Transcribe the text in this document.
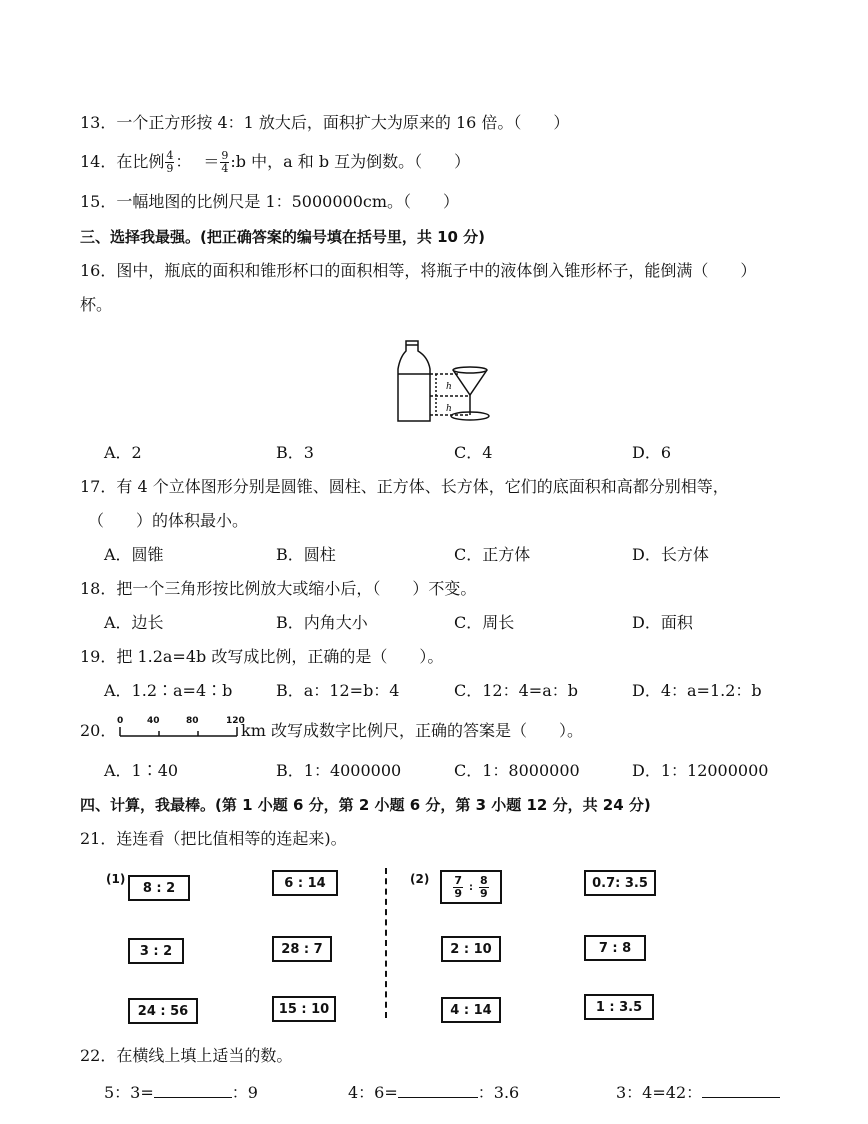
13．一个正方形按 4：1 放大后，面积扩大为原来的 16 倍。（　　）
14．在比例 $\frac{4}{9}$ ： ＝ $\frac{9}{4}$ :b 中，a 和 b 互为倒数。（　　）
15．一幅地图的比例尺是 1：5000000cm。（　　）
三、选择我最强。(把正确答案的编号填在括号里，共 10 分)
16．图中，瓶底的面积和锥形杯口的面积相等，将瓶子中的液体倒入锥形杯子，能倒满（　　）
杯。
h
h
A．2	B．3	C．4	D．6
17．有 4 个立体图形分别是圆锥、圆柱、正方体、长方体，它们的底面积和高都分别相等，
（　　）的体积最小。
A．圆锥	B．圆柱	C．正方体	D．长方体
18．把一个三角形按比例放大或缩小后，（　　）不变。
A．边长	B．内角大小	C．周长	D．面积
19．把 1.2a=4b 改写成比例，正确的是（　　）。
A．1.2∶a=4∶b	B．a：12=b：4	C．12：4=a：b	D．4：a=1.2：b
20． 0	40	80	120
km 改写成数字比例尺，正确的答案是（　　）。
A．1∶40	B．1：4000000	C．1：8000000	D．1：12000000
四、计算，我最棒。(第 1 小题 6 分，第 2 小题 6 分，第 3 小题 12 分，共 24 分)
21．连连看（把比值相等的连起来)。
(1)	(2)
8 : 2
3 : 2
24 : 56
6 : 14
28 : 7
15 : 10
$\frac{7}{9}$ : $\frac{8}{9}$
2 : 10
4 : 14
0.7: 3.5
7 : 8
1 : 3.5
22．在横线上填上适当的数。
5：3=	：9	4：6=	：3.6	3：4=42：
